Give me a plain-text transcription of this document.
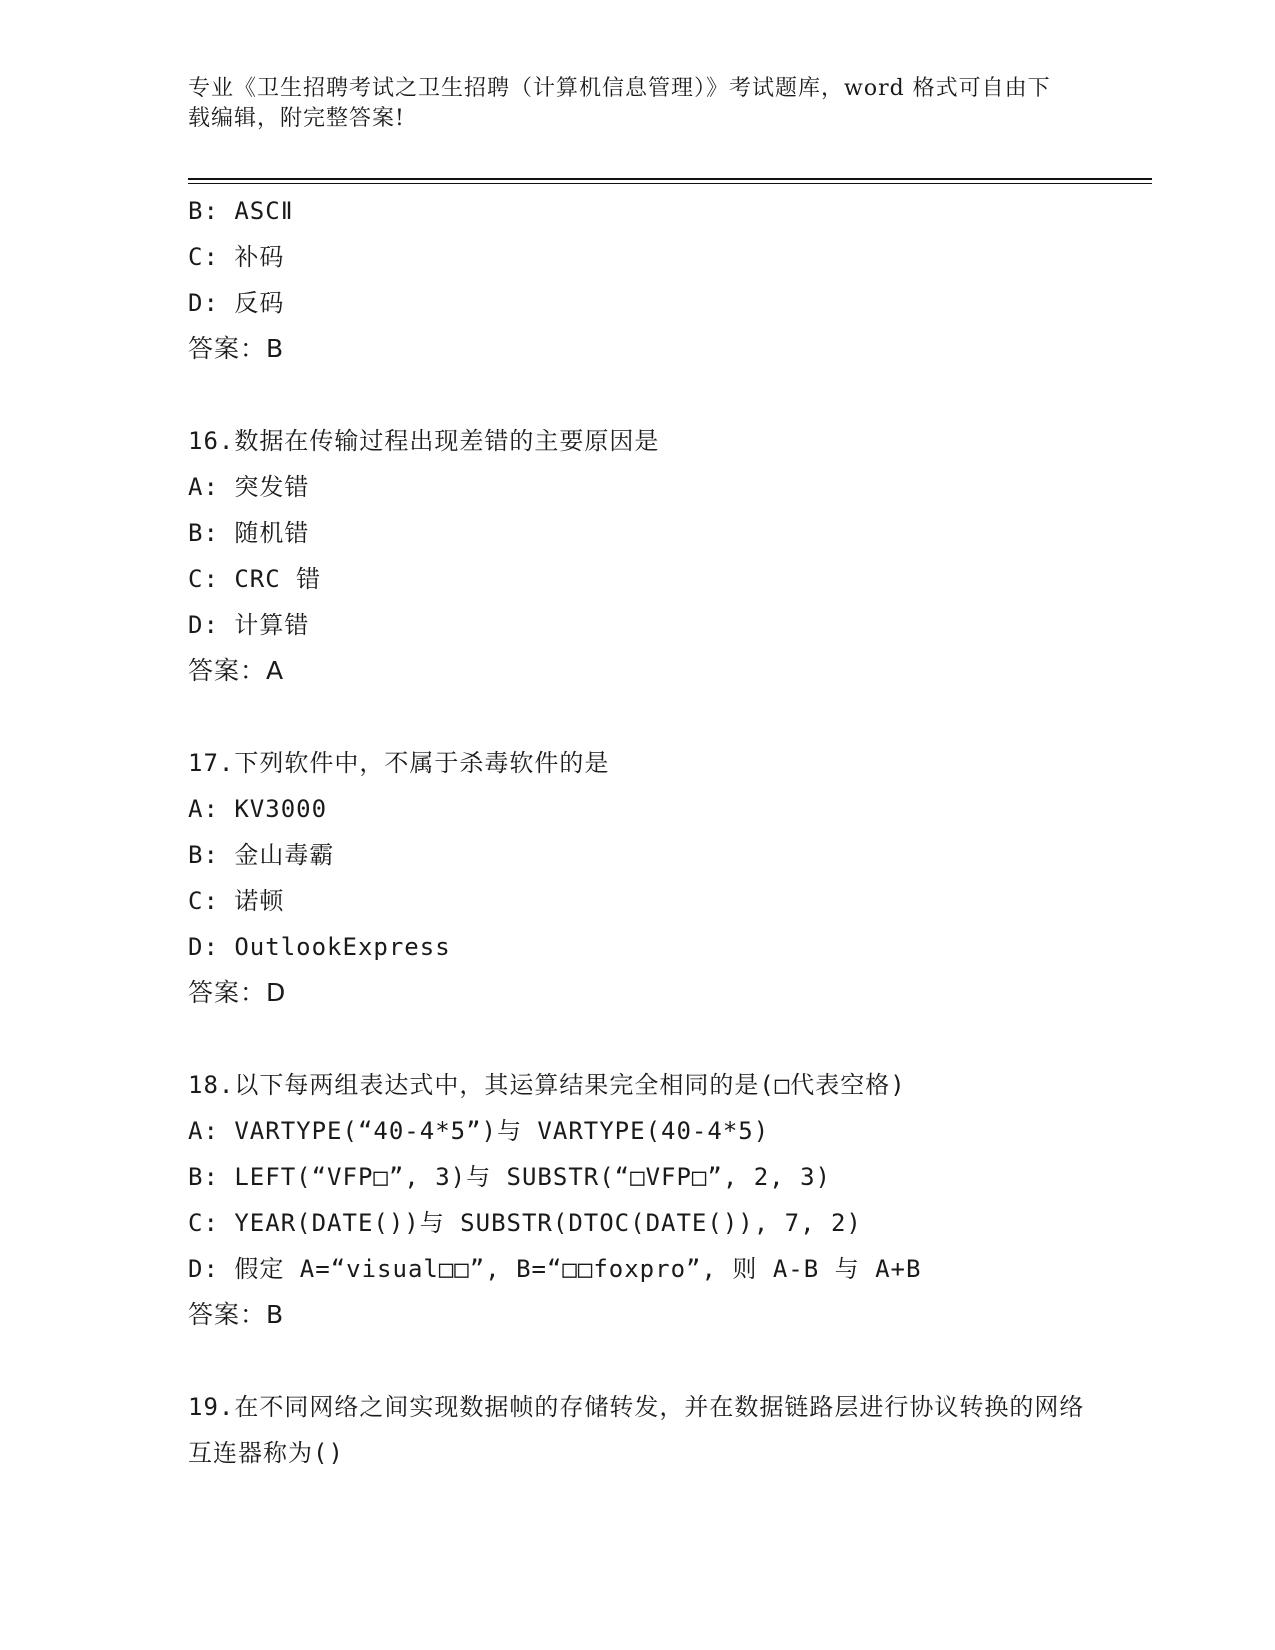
专业《卫生招聘考试之卫生招聘（计算机信息管理）》考试题库，word 格式可自由下载编辑，附完整答案!
B: ASCⅡ
C: 补码
D: 反码
答案：B
16.数据在传输过程出现差错的主要原因是
A: 突发错
B: 随机错
C: CRC 错
D: 计算错
答案：A
17.下列软件中，不属于杀毒软件的是
A: KV3000
B: 金山毒霸
C: 诺顿
D: OutlookExpress
答案：D
18.以下每两组表达式中，其运算结果完全相同的是(□代表空格)
A: VARTYPE(“40-4*5”)与 VARTYPE(40-4*5)
B: LEFT(“VFP□”, 3)与 SUBSTR(“□VFP□”, 2, 3)
C: YEAR(DATE())与 SUBSTR(DTOC(DATE()), 7, 2)
D: 假定 A=“visual□□”, B=“□□foxpro”, 则 A-B 与 A+B
答案：B
19.在不同网络之间实现数据帧的存储转发，并在数据链路层进行协议转换的网络互连器称为()
